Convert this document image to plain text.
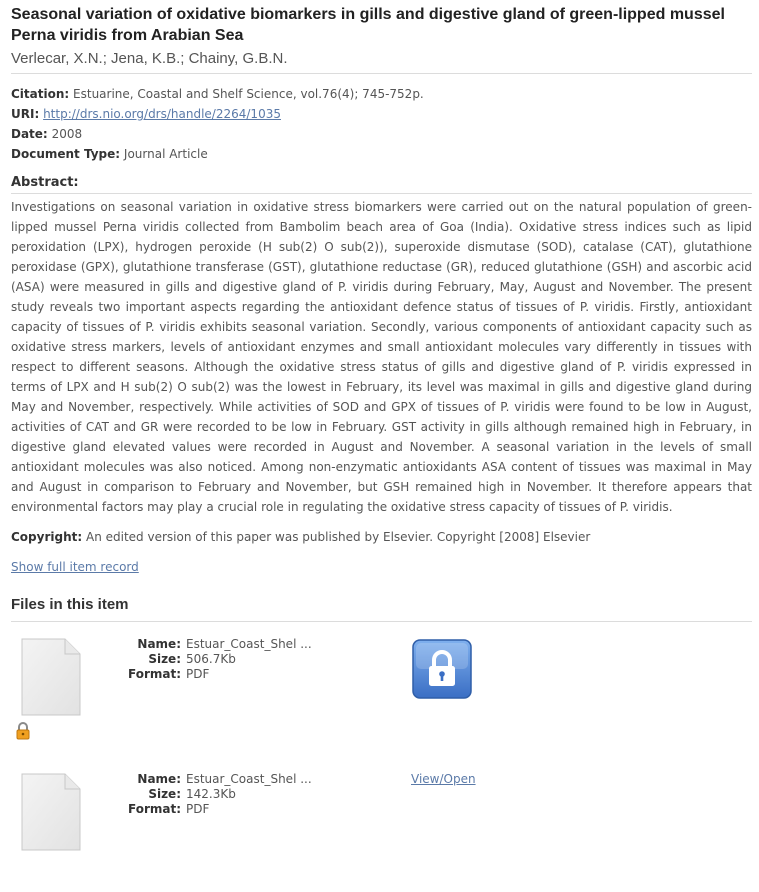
Seasonal variation of oxidative biomarkers in gills and digestive gland of green-lipped mussel Perna viridis from Arabian Sea
Verlecar, X.N.; Jena, K.B.; Chainy, G.B.N.
Citation: Estuarine, Coastal and Shelf Science, vol.76(4); 745-752p.
URI: http://drs.nio.org/drs/handle/2264/1035
Date: 2008
Document Type: Journal Article
Abstract:
Investigations on seasonal variation in oxidative stress biomarkers were carried out on the natural population of green-lipped mussel Perna viridis collected from Bambolim beach area of Goa (India). Oxidative stress indices such as lipid peroxidation (LPX), hydrogen peroxide (H sub(2) O sub(2)), superoxide dismutase (SOD), catalase (CAT), glutathione peroxidase (GPX), glutathione transferase (GST), glutathione reductase (GR), reduced glutathione (GSH) and ascorbic acid (ASA) were measured in gills and digestive gland of P. viridis during February, May, August and November. The present study reveals two important aspects regarding the antioxidant defence status of tissues of P. viridis. Firstly, antioxidant capacity of tissues of P. viridis exhibits seasonal variation. Secondly, various components of antioxidant capacity such as oxidative stress markers, levels of antioxidant enzymes and small antioxidant molecules vary differently in tissues with respect to different seasons. Although the oxidative stress status of gills and digestive gland of P. viridis expressed in terms of LPX and H sub(2) O sub(2) was the lowest in February, its level was maximal in gills and digestive gland during May and November, respectively. While activities of SOD and GPX of tissues of P. viridis were found to be low in August, activities of CAT and GR were recorded to be low in February. GST activity in gills although remained high in February, in digestive gland elevated values were recorded in August and November. A seasonal variation in the levels of small antioxidant molecules was also noticed. Among non-enzymatic antioxidants ASA content of tissues was maximal in May and August in comparison to February and November, but GSH remained high in November. It therefore appears that environmental factors may play a crucial role in regulating the oxidative stress capacity of tissues of P. viridis.
Copyright: An edited version of this paper was published by Elsevier. Copyright [2008] Elsevier
Show full item record
Files in this item
Name: Estuar_Coast_Shel ...
Size: 506.7Kb
Format: PDF
Name: Estuar_Coast_Shel ...
Size: 142.3Kb
Format: PDF
View/Open
